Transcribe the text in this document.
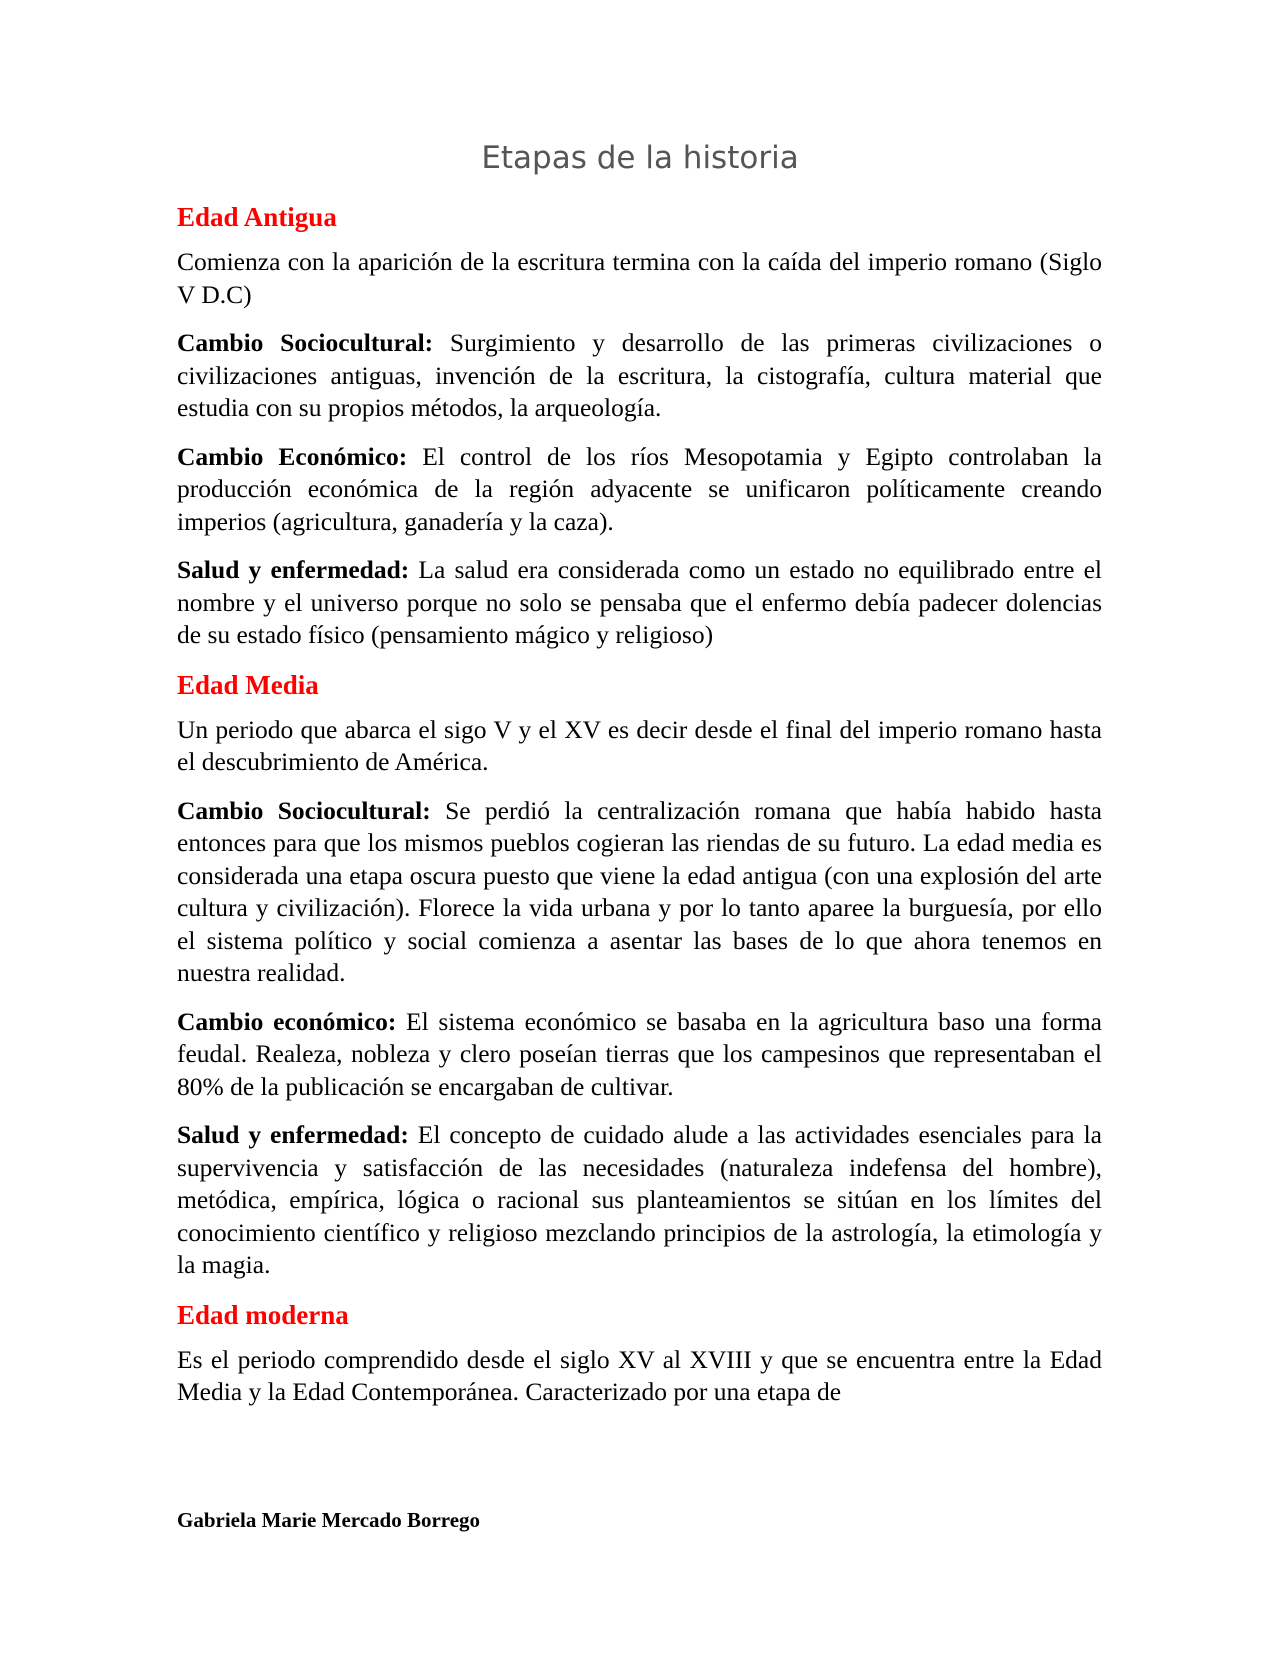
Etapas de la historia
Edad Antigua

Comienza con la aparición de la escritura termina con la caída del imperio romano (Siglo V D.C)

Cambio Sociocultural: Surgimiento y desarrollo de las primeras civilizaciones o civilizaciones antiguas, invención de la escritura, la cistografía, cultura material que estudia con su propios métodos, la arqueología.

Cambio Económico: El control de los ríos Mesopotamia y Egipto controlaban la producción económica de la región adyacente se unificaron políticamente creando imperios (agricultura, ganadería y la caza).

Salud y enfermedad: La salud era considerada como un estado no equilibrado entre el nombre y el universo porque no solo se pensaba que el enfermo debía padecer dolencias de su estado físico (pensamiento mágico y religioso)

Edad Media

Un periodo que abarca el sigo V y el XV es decir desde el final del imperio romano hasta el descubrimiento de América.

Cambio Sociocultural: Se perdió la centralización romana que había habido hasta entonces para que los mismos pueblos cogieran las riendas de su futuro. La edad media es considerada una etapa oscura puesto que viene la edad antigua (con una explosión del arte cultura y civilización). Florece la vida urbana y por lo tanto aparee la burguesía, por ello el sistema político y social comienza a asentar las bases de lo que ahora tenemos en nuestra realidad.

Cambio económico: El sistema económico se basaba en la agricultura baso una forma feudal. Realeza, nobleza y clero poseían tierras que los campesinos que representaban el 80% de la publicación se encargaban de cultivar.

Salud y enfermedad: El concepto de cuidado alude a las actividades esenciales para la supervivencia y satisfacción de las necesidades (naturaleza indefensa del hombre), metódica, empírica, lógica o racional sus planteamientos se sitúan en los límites del conocimiento científico y religioso mezclando principios de la astrología, la etimología y la magia.

Edad moderna

Es el periodo comprendido desde el siglo XV al XVIII y que se encuentra entre la Edad Media y la Edad Contemporánea. Caracterizado por una etapa de

Gabriela Marie Mercado Borrego
